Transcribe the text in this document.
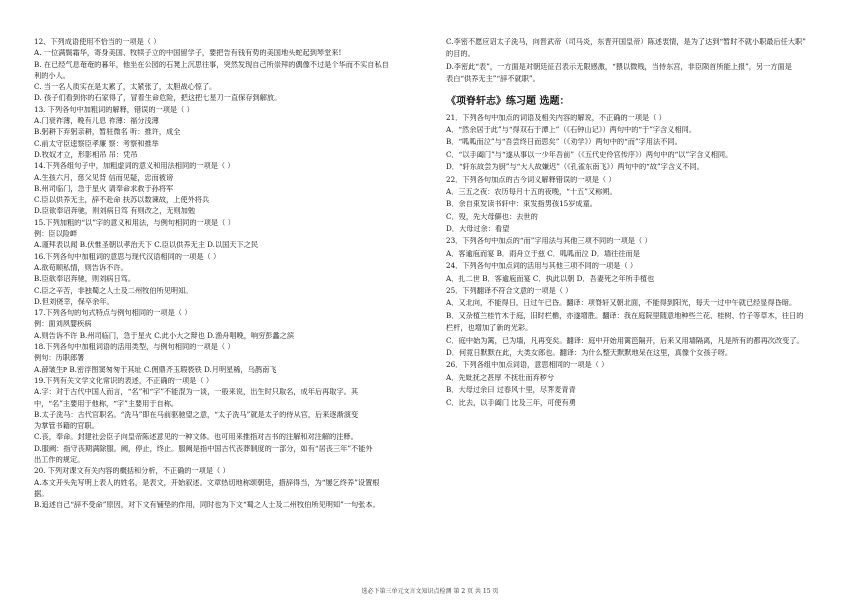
12、下列成语使用不恰当的一项是（ ）
A. 一位满鬓霜华，寄身美国、牧犊子立的中国留学子，要把告有钱有势的美国地头蛇起到琴堂来!
B. 在已经气息奄奄的暮年，他坐在公园的石凳上沉思往事，突然发现自己所崇拜的偶像不过是个华而不实自私自
利的小人。
C. 当一名人质实在是太累了，太紧张了，太胆战心惊了。
D. 孩子们看到你的石家得了，冒着生命危险，把这把七星刀一直保存到解放。
13. 下列各句中加粗词的解释，错误的一项是（ ）
A.门衰祚薄，晚有儿息 祚薄：福分浅薄
B.躬耕下弃躬亲耕，暂驻微名 听：推许，成全
C.前太守臣逵察臣孝廉 察：考察和推举
D.牧奴才立，形影相吊 吊：凭吊
14.下列各组句子中，加粗虚词的意义和用法相同的一项是（ ）
A.生孩六月，慈父见背 信而见疑，忠而被谤
B.州司临门，急于星火 请奉命求救于孙将军
C.臣以供养无主，辞不赴命 扶苏以数谏故，上使外将兵
D.臣欲奉诏奔驰，则刘病日笃 有则改之，无则加勉
15.下列加粗的“以”字的意义和用法，与例句相同的一项是（ ）
例：臣以险衅
A.谨拜表以闻 B.伏惟圣朝以孝治天下 C.臣以供养无主 D.以国天下之民
16.下列各句中加粗词的意思与现代汉语相同的一项是（ ）
A.欲苟顺私情，则告诉不许。
B.臣欲奉诏奔驰，则刘病日笃。
C.臣之辛苦，非独蜀之人士及二州牧伯所见明知。
D.但刘侥幸，保卒余年。
17.下列各句的句式特点与例句相同的一项是（ ）
例：面刘夙婴疾病
A.则告诉不许 B.州司临门，急于星火 C.此小大之辩也 D.渔舟唱晚，响穷彭蠡之滨
18.下列各句中加粗词语的活用类型，与例句相同的一项是（ ）
例句：历职郎署
A.薛皱生Ҏ B.密浮图窦匆匆于其址 C.佣鼎齐玉瑕亵铁 D.月明星稀，乌鹊南飞
19.下列有关文学文化常识的表述，不正确的一项是（ ）
A.字：对于古代中国人而言，“名”和“字”不能混为一谈，一般来说，出生时只取名，成年后再取字。其
中，“名”主要用于他称，“字”主要用于自称。
B.太子洗马：古代官职名。“洗马”即在马前驱驰望之意，“太子洗马”就是太子的侍从官，后来逐渐演变
为掌管书籍的官职。
C.丧，奉命。封建社会臣子向皇帝陈述意见的一种文体。也可用来推指对古书的注解和对注解的注释。
D.服阙：指守丧期满除服。阙，停止，终止。服阙是指中国古代丧葬制度的一部分，如有“居丧三年”不能外
出工作的规定。
20. 下列对课文有关内容的概括和分析，不正确的一项是（ ）
A.本文开头先写明上表人的姓名，是表文，开始叙述。文章热切地称颂朝廷，措辞得当，为“屡乞终养”设置根
据。
B.追述自己“辞不受命”原因，对下文有铺垫的作用，同时也为下文“蜀之人士及二州牧伯所见明知”一句张本。
C.李密不愿应诏太子洗马，向晋武帝（司马炎，东晋开国皇帝）陈述衷情，是为了达到“暂时不就小职最后任大职”
的目的。
D.李密此“表”，一方面是对朝廷征召表示无限感激，“猥以微贱，当侍东宫，非臣陨首所能上报”，另一方面是
表白“供养无主”“辞不就职”。
《项脊轩志》练习题 选题：
21．下列各句中加点的词语及相关内容的解说，不正确的一项是（ ）
A．“然余居于此”与“得双石于潭上”（《石钟山记》）两句中的“于”字含义相同。
B．“呱呱而泣”与“吾尝终日而思矣”（《劝学》）两句中的“而”字用法不同。
C．“以手阖门”与“遂从事以一少年吾前”（《五代史伶官传序》）两句中的“以”字含义相同。
D．“轩东故尝为厨”与“大人故嫌迟”（《孔雀东南飞》）两句中的“故”字含义不同。
22．下列各句加点的古今词义解释错误的一项是（ ）
A．三五之夜：农历每月十五的夜晚，“十五”又称朔。
B．余自束发读书轩中：束发指男孩15岁成童。
C．殁，先大母僻也：去世的
D．大母过余：看望
23．下列各句中加点的“而”字用法与其他三项不同的一项是（ ）
A．客逾庖而宴 B．雨舟立于兹 C．呱呱而泣 D．墙往往而是
24．下列各句中加点词的活用与其他三项不同的一项是（ ）
A．扎二世 B．客逾庖而宴 C．执此以朝 D．吾妻死之年所手植也
25．下列翻译不符合文意的一项是（ ）
A．又北向，不能得日，日过午已昏。翻译：项脊轩又朝北面，不能得到阳光，每天一过中午就已经显得昏暗。
B．又杂植兰桂竹木于庭，旧时栏楯，亦遂增胜。翻译：我在庭院里随意地种些兰花、桂树、竹子等草木，往日的
栏杆，也增加了新的光彩。
C．庭中始为篱，已为墙，凡再变矣。翻译：庭中开始用篱笆隔开，后来又用墙隔离，凡是所有的都再次改变了。
D．何竟日默默在此，大类女郎也。翻译：为什么整天默默地呆在这里，真像个女孩子呀。
26．下列各组中加点词语，意思相同的一项是（ ）
A．先妣抚之甚厚 不抚壮而弃秽兮
B．大母过余曰 过春风十里，尽荠麦青青
C．比去，以手阖门 比及三年，可使有勇
选必下第三单元文言文知识点检测 第 2 页 共 15 页
